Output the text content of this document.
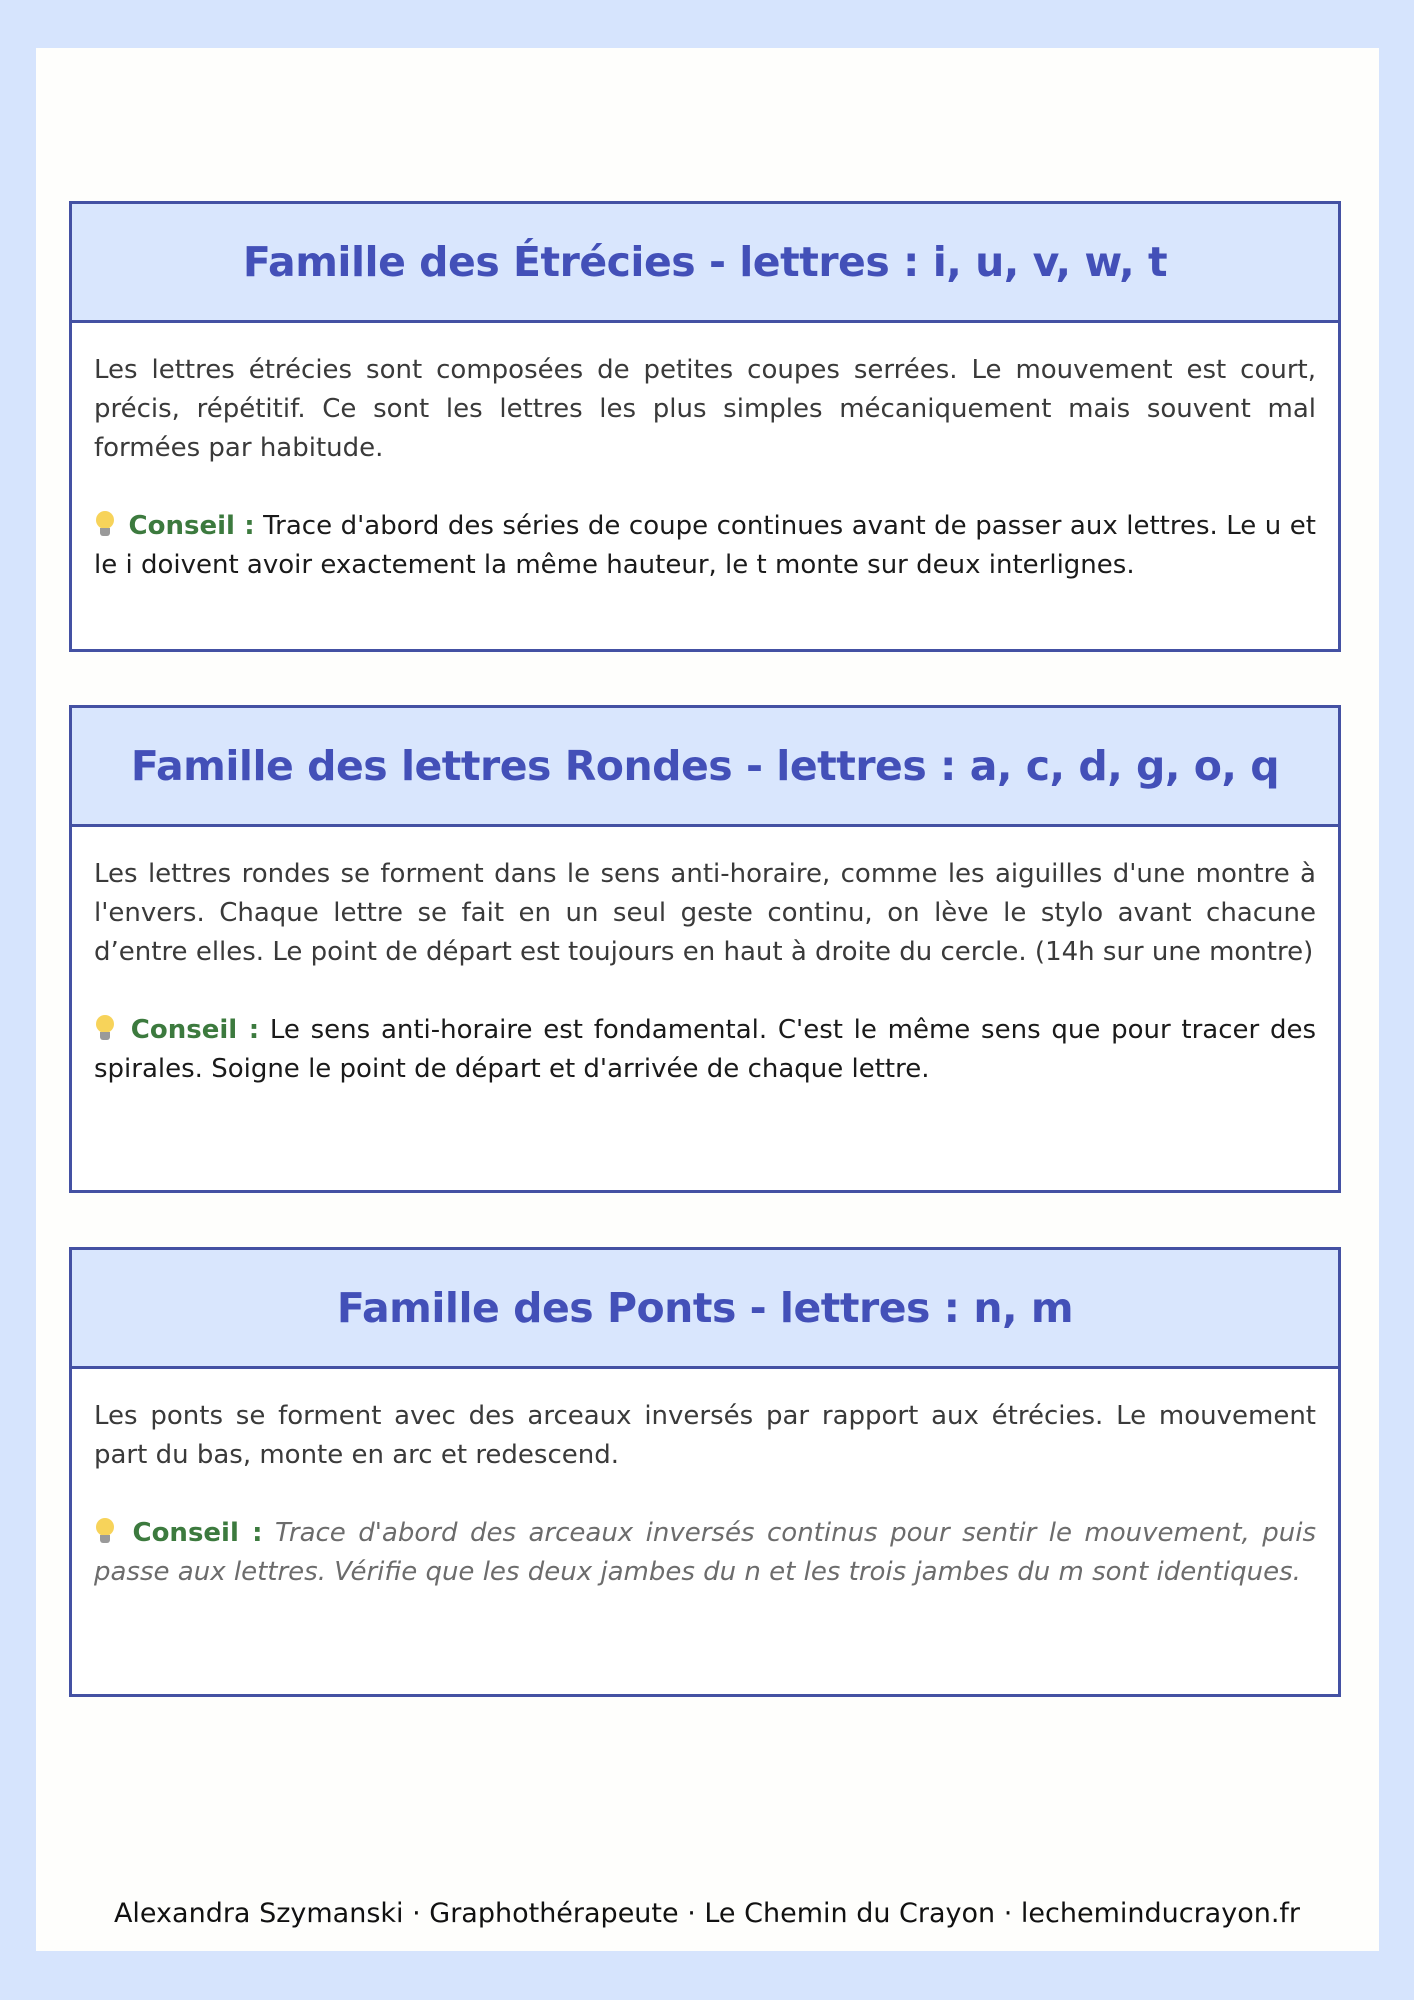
Famille des Étrécies - lettres : i, u, v, w, t

Les lettres étrécies sont composées de petites coupes serrées. Le mouvement est court, précis, répétitif. Ce sont les lettres les plus simples mécaniquement mais souvent mal formées par habitude.

Conseil : Trace d'abord des séries de coupe continues avant de passer aux lettres. Le u et le i doivent avoir exactement la même hauteur, le t monte sur deux interlignes.

Famille des lettres Rondes - lettres : a, c, d, g, o, q

Les lettres rondes se forment dans le sens anti-horaire, comme les aiguilles d'une montre à l'envers. Chaque lettre se fait en un seul geste continu, on lève le stylo avant chacune d’entre elles. Le point de départ est toujours en haut à droite du cercle. (14h sur une montre)

Conseil : Le sens anti-horaire est fondamental. C'est le même sens que pour tracer des spirales. Soigne le point de départ et d'arrivée de chaque lettre.

Famille des Ponts - lettres : n, m

Les ponts se forment avec des arceaux inversés par rapport aux étrécies. Le mouvement part du bas, monte en arc et redescend.

Conseil : Trace d'abord des arceaux inversés continus pour sentir le mouvement, puis passe aux lettres. Vérifie que les deux jambes du n et les trois jambes du m sont identiques.

Alexandra Szymanski · Graphothérapeute · Le Chemin du Crayon · lecheminducrayon.fr
